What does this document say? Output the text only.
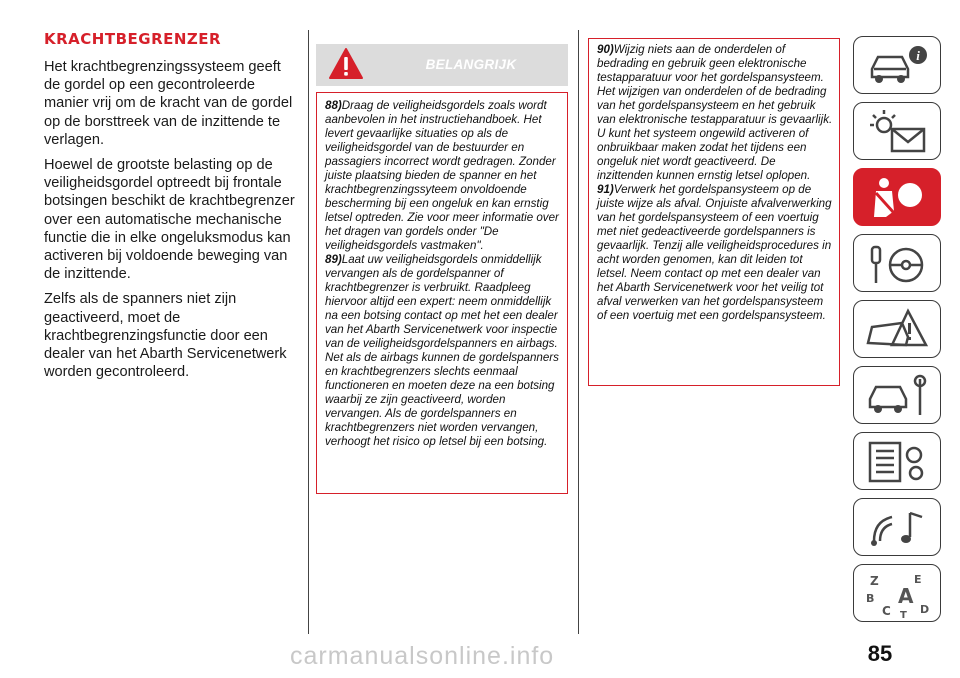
KRACHTBEGRENZER

Het krachtbegrenzingssysteem geeft de gordel op een gecontroleerde manier vrij om de kracht van de gordel op de borsttreek van de inzittende te verlagen.

Hoewel de grootste belasting op de veiligheidsgordel optreedt bij frontale botsingen beschikt de krachtbegrenzer over een automatische mechanische functie die in elke ongeluksmodus kan activeren bij voldoende beweging van de inzittende.

Zelfs als de spanners niet zijn geactiveerd, moet de krachtbegrenzingsfunctie door een dealer van het Abarth Servicenetwerk worden gecontroleerd.

BELANGRIJK

88)Draag de veiligheidsgordels zoals wordt aanbevolen in het instructiehandboek. Het levert gevaarlijke situaties op als de veiligheidsgordel van de bestuurder en passagiers incorrect wordt gedragen. Zonder juiste plaatsing bieden de spanner en het krachtbegrenzingssyteem onvoldoende bescherming bij een ongeluk en kan ernstig letsel optreden. Zie voor meer informatie over het dragen van gordels onder "De veiligheidsgordels vastmaken".

89)Laat uw veiligheidsgordels onmiddellijk vervangen als de gordelspanner of krachtbegrenzer is verbruikt. Raadpleeg hiervoor altijd een expert: neem onmiddellijk na een botsing contact op met het een dealer van het Abarth Servicenetwerk voor inspectie van de veiligheidsgordelspanners en airbags. Net als de airbags kunnen de gordelspanners en krachtbegrenzers slechts eenmaal functioneren en moeten deze na een botsing waarbij ze zijn geactiveerd, worden vervangen. Als de gordelspanners en krachtbegrenzers niet worden vervangen, verhoogt het risico op letsel bij een botsing.

90)Wijzig niets aan de onderdelen of bedrading en gebruik geen elektronische testapparatuur voor het gordelspansysteem. Het wijzigen van onderdelen of de bedrading van het gordelspansysteem en het gebruik van elektronische testapparatuur is gevaarlijk. U kunt het systeem ongewild activeren of onbruikbaar maken zodat het tijdens een ongeluk niet wordt geactiveerd. De inzittenden kunnen ernstig letsel oplopen.

91)Verwerk het gordelspansysteem op de juiste wijze als afval. Onjuiste afvalverwerking van het gordelspansysteem of een voertuig met niet gedeactiveerde gordelspanners is gevaarlijk. Tenzij alle veiligheidsprocedures in acht worden genomen, kan dit leiden tot letsel. Neem contact op met een dealer van het Abarth Servicenetwerk voor het veilig tot afval verwerken van het gordelspansysteem of een voertuig met een gordelspansysteem.

i
Z	E
B A
C	D
T
85
carmanualsonline.info
